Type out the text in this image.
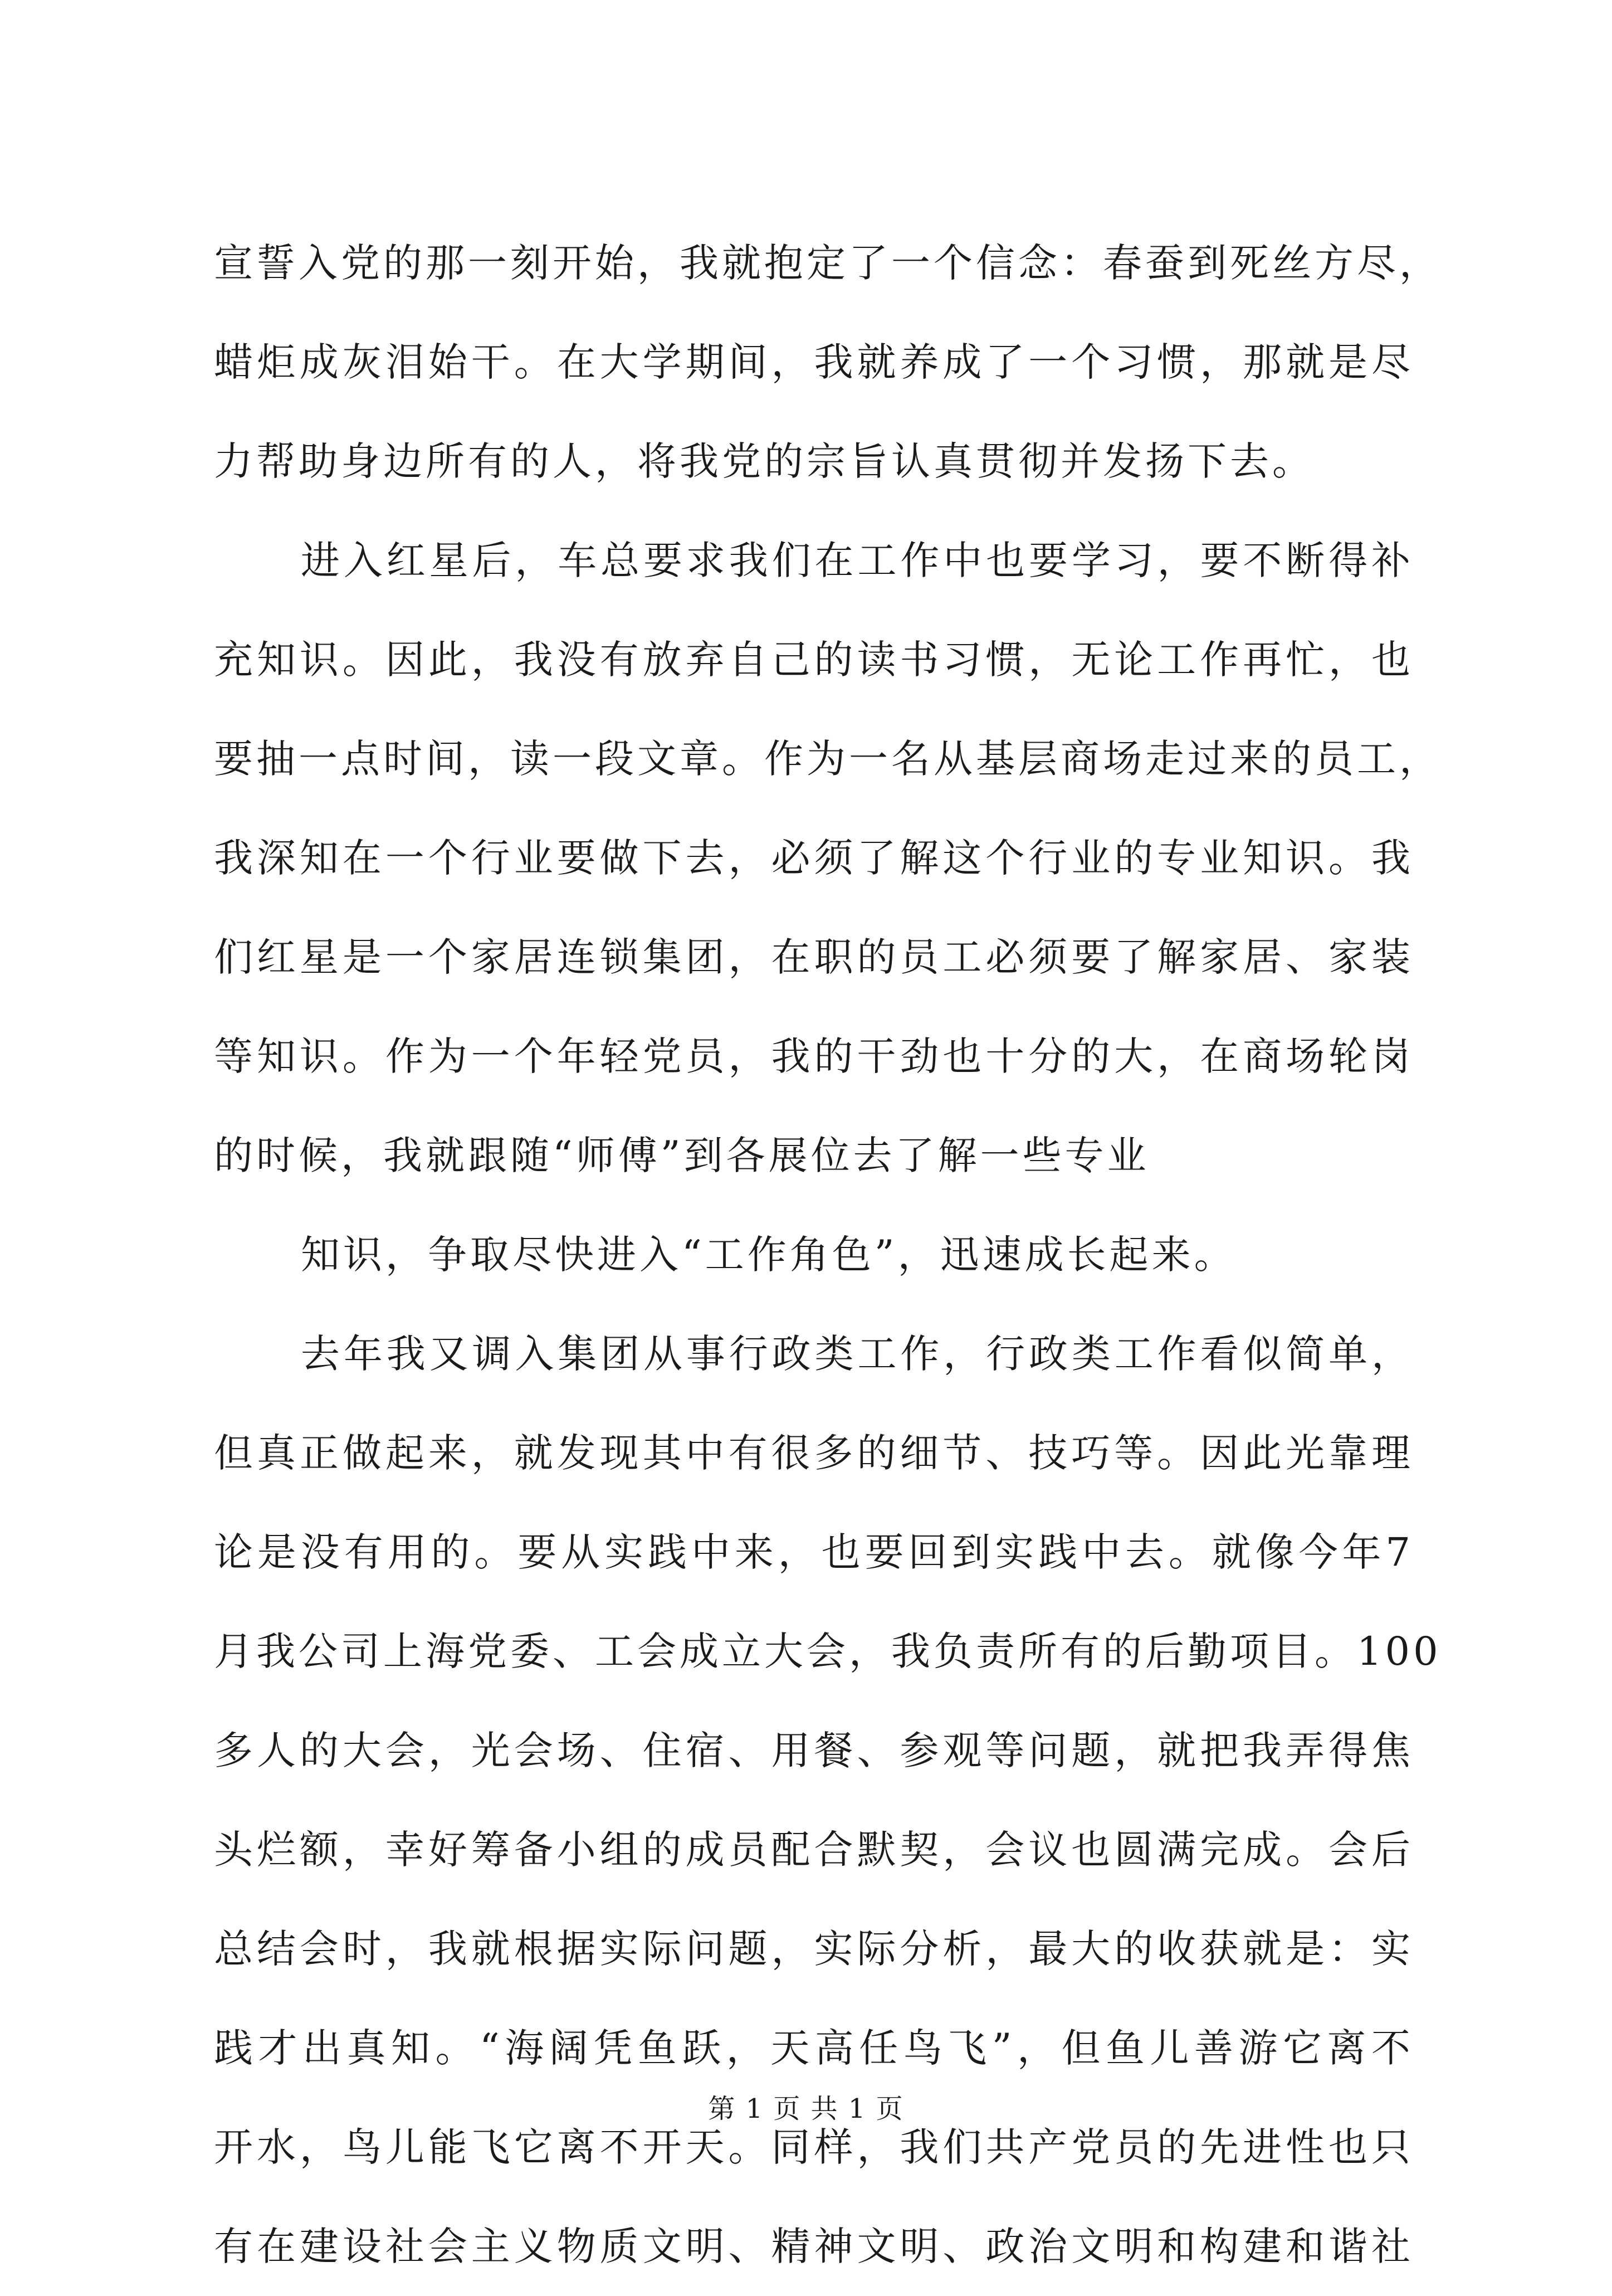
宣誓入党的那一刻开始，我就抱定了一个信念：春蚕到死丝方尽，
蜡炬成灰泪始干。在大学期间，我就养成了一个习惯，那就是尽
力帮助身边所有的人，将我党的宗旨认真贯彻并发扬下去。
进入红星后，车总要求我们在工作中也要学习，要不断得补
充知识。因此，我没有放弃自己的读书习惯，无论工作再忙，也
要抽一点时间，读一段文章。作为一名从基层商场走过来的员工，
我深知在一个行业要做下去，必须了解这个行业的专业知识。我
们红星是一个家居连锁集团，在职的员工必须要了解家居、家装
等知识。作为一个年轻党员，我的干劲也十分的大，在商场轮岗
的时候，我就跟随“师傅”到各展位去了解一些专业
知识，争取尽快进入“工作角色”，迅速成长起来。
去年我又调入集团从事行政类工作，行政类工作看似简单，
但真正做起来，就发现其中有很多的细节、技巧等。因此光靠理
论是没有用的。要从实践中来，也要回到实践中去。就像今年7
月我公司上海党委、工会成立大会，我负责所有的后勤项目。100
多人的大会，光会场、住宿、用餐、参观等问题，就把我弄得焦
头烂额，幸好筹备小组的成员配合默契，会议也圆满完成。会后
总结会时，我就根据实际问题，实际分析，最大的收获就是：实
践才出真知。“海阔凭鱼跃，天高任鸟飞”，但鱼儿善游它离不
开水，鸟儿能飞它离不开天。同样，我们共产党员的先进性也只
有在建设社会主义物质文明、精神文明、政治文明和构建和谐社
第 1 页 共 1 页
